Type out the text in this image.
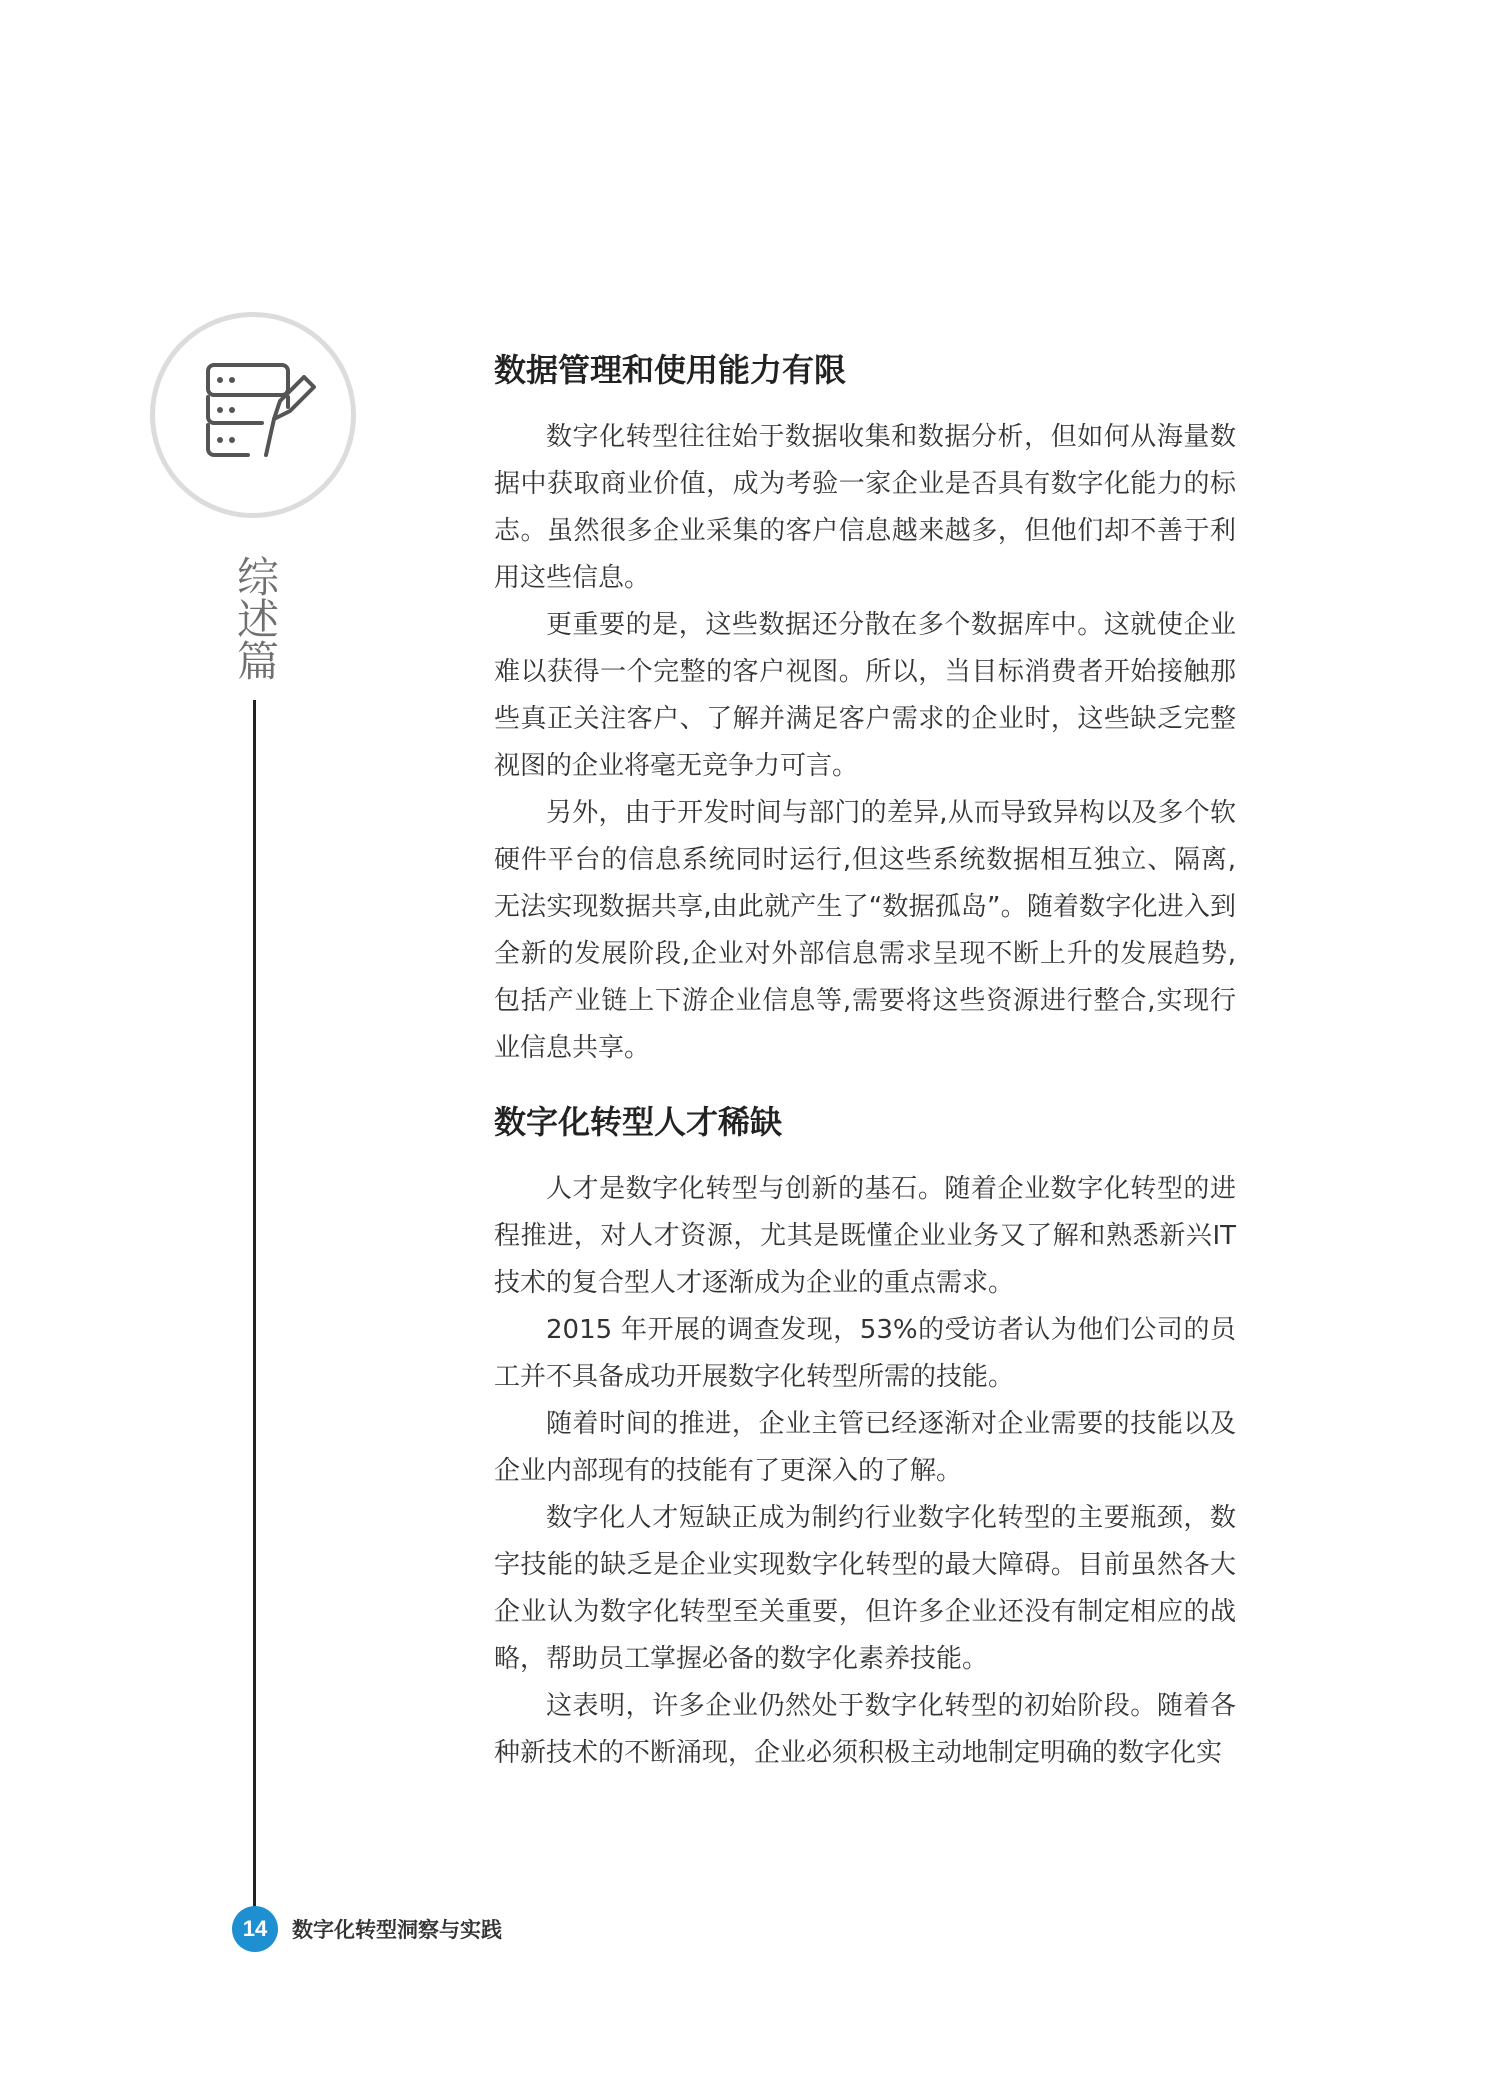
综述篇
数据管理和使用能力有限

数字化转型往往始于数据收集和数据分析，但如何从海量数据中获取商业价值，成为考验一家企业是否具有数字化能力的标志。虽然很多企业采集的客户信息越来越多，但他们却不善于利用这些信息。

更重要的是，这些数据还分散在多个数据库中。这就使企业难以获得一个完整的客户视图。所以，当目标消费者开始接触那些真正关注客户、了解并满足客户需求的企业时，这些缺乏完整视图的企业将毫无竞争力可言。

另外，由于开发时间与部门的差异,从而导致异构以及多个软硬件平台的信息系统同时运行,但这些系统数据相互独立、隔离,无法实现数据共享,由此就产生了“数据孤岛”。随着数字化进入到全新的发展阶段,企业对外部信息需求呈现不断上升的发展趋势,包括产业链上下游企业信息等,需要将这些资源进行整合,实现行业信息共享。

数字化转型人才稀缺

人才是数字化转型与创新的基石。随着企业数字化转型的进程推进，对人才资源，尤其是既懂企业业务又了解和熟悉新兴IT 技术的复合型人才逐渐成为企业的重点需求。

2015 年开展的调查发现，53%的受访者认为他们公司的员工并不具备成功开展数字化转型所需的技能。

随着时间的推进，企业主管已经逐渐对企业需要的技能以及企业内部现有的技能有了更深入的了解。

数字化人才短缺正成为制约行业数字化转型的主要瓶颈，数字技能的缺乏是企业实现数字化转型的最大障碍。目前虽然各大企业认为数字化转型至关重要，但许多企业还没有制定相应的战略，帮助员工掌握必备的数字化素养技能。

这表明，许多企业仍然处于数字化转型的初始阶段。随着各种新技术的不断涌现，企业必须积极主动地制定明确的数字化实

14	数字化转型洞察与实践
